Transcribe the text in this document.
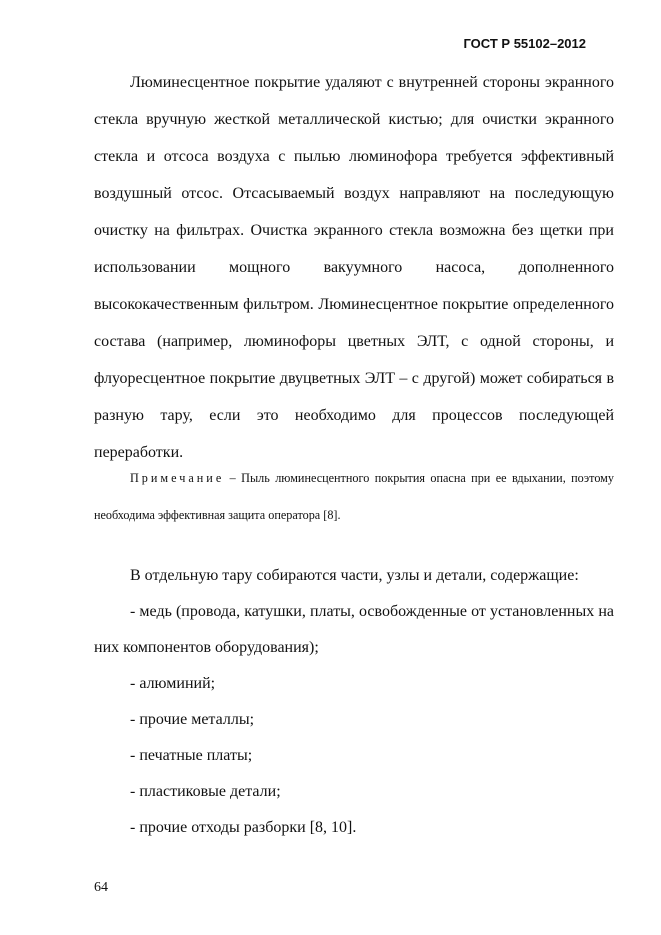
ГОСТ Р 55102–2012

Люминесцентное покрытие удаляют с внутренней стороны экранного стекла вручную жесткой металлической кистью; для очистки экранного стекла и отсоса воздуха с пылью люминофора требуется эффективный воздушный отсос. Отсасываемый воздух направляют на последующую очистку на фильтрах. Очистка экранного стекла возможна без щетки при использовании мощного вакуумного насоса, дополненного высококачественным фильтром. Люминесцентное покрытие определенного состава (например, люминофоры цветных ЭЛТ, с одной стороны, и флуоресцентное покрытие двуцветных ЭЛТ – с другой) может собираться в разную тару, если это необходимо для процессов последующей переработки.

Примечание – Пыль люминесцентного покрытия опасна при ее вдыхании, поэтому необходима эффективная защита оператора [8].

В отдельную тару собираются части, узлы и детали, содержащие:

- медь (провода, катушки, платы, освобожденные от установленных на них компонентов оборудования);

- алюминий;

- прочие металлы;

- печатные платы;

- пластиковые детали;

- прочие отходы разборки [8, 10].

64
